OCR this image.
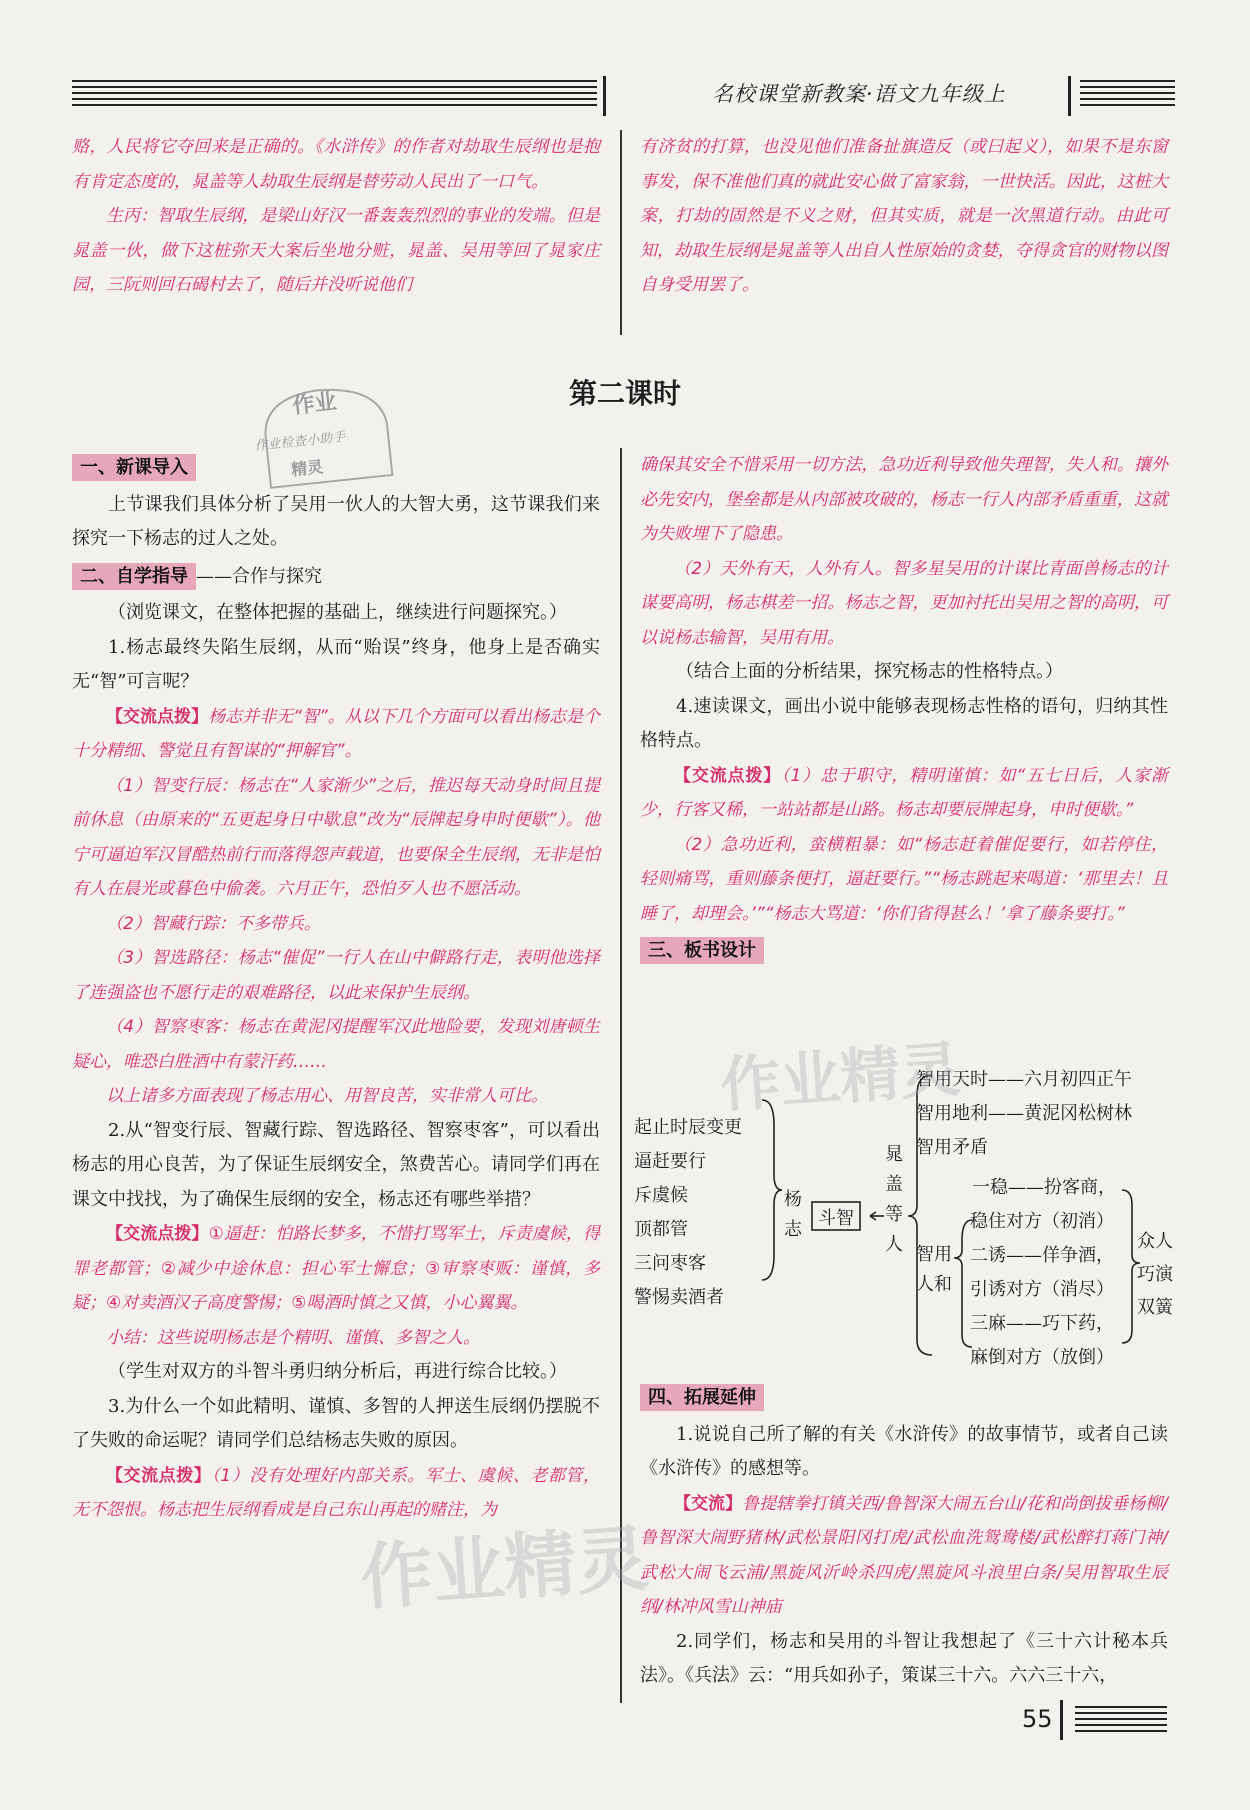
名校课堂新教案·语文九年级上

赂，人民将它夺回来是正确的。《水浒传》的作者对劫取生辰纲也是抱有肯定态度的，晁盖等人劫取生辰纲是替劳动人民出了一口气。

生丙：智取生辰纲，是梁山好汉一番轰轰烈烈的事业的发端。但是晁盖一伙，做下这桩弥天大案后坐地分赃，晁盖、吴用等回了晁家庄园，三阮则回石碣村去了，随后并没听说他们

有济贫的打算，也没见他们准备扯旗造反（或曰起义），如果不是东窗事发，保不准他们真的就此安心做了富家翁，一世快活。因此，这桩大案，打劫的固然是不义之财，但其实质，就是一次黑道行动。由此可知，劫取生辰纲是晁盖等人出自人性原始的贪婪，夺得贪官的财物以图自身受用罢了。

第二课时
作业
作业检查小助手
精灵
一、新课导入

上节课我们具体分析了吴用一伙人的大智大勇，这节课我们来探究一下杨志的过人之处。

二、自学指导 ——合作与探究

（浏览课文，在整体把握的基础上，继续进行问题探究。）

1.杨志最终失陷生辰纲，从而“贻误”终身，他身上是否确实无“智”可言呢？

【交流点拨】杨志并非无“智”。从以下几个方面可以看出杨志是个十分精细、警觉且有智谋的“押解官”。

（1）智变行辰：杨志在“人家渐少”之后，推迟每天动身时间且提前休息（由原来的“五更起身日中歇息”改为“辰牌起身申时便歇”）。他宁可逼迫军汉冒酷热前行而落得怨声载道，也要保全生辰纲，无非是怕有人在晨光或暮色中偷袭。六月正午，恐怕歹人也不愿活动。

（2）智藏行踪：不多带兵。

（3）智选路径：杨志“催促”一行人在山中僻路行走，表明他选择了连强盗也不愿行走的艰难路径，以此来保护生辰纲。

（4）智察枣客：杨志在黄泥冈提醒军汉此地险要，发现刘唐顿生疑心，唯恐白胜酒中有蒙汗药……

以上诸多方面表现了杨志用心、用智良苦，实非常人可比。

2.从“智变行辰、智藏行踪、智选路径、智察枣客”，可以看出杨志的用心良苦，为了保证生辰纲安全，煞费苦心。请同学们再在课文中找找，为了确保生辰纲的安全，杨志还有哪些举措？

【交流点拨】①逼赶：怕路长梦多，不惜打骂军士，斥责虞候，得罪老都管；②减少中途休息：担心军士懈怠；③审察枣贩：谨慎，多疑；④对卖酒汉子高度警惕；⑤喝酒时慎之又慎，小心翼翼。

小结：这些说明杨志是个精明、谨慎、多智之人。

（学生对双方的斗智斗勇归纳分析后，再进行综合比较。）

3.为什么一个如此精明、谨慎、多智的人押送生辰纲仍摆脱不了失败的命运呢？请同学们总结杨志失败的原因。

【交流点拨】（1）没有处理好内部关系。军士、虞候、老都管，无不怨恨。杨志把生辰纲看成是自己东山再起的赌注，为

确保其安全不惜采用一切方法，急功近利导致他失理智，失人和。攘外必先安内，堡垒都是从内部被攻破的，杨志一行人内部矛盾重重，这就为失败埋下了隐患。

（2）天外有天，人外有人。智多星吴用的计谋比青面兽杨志的计谋要高明，杨志棋差一招。杨志之智，更加衬托出吴用之智的高明，可以说杨志输智，吴用有用。

（结合上面的分析结果，探究杨志的性格特点。）

4.速读课文，画出小说中能够表现杨志性格的语句，归纳其性格特点。

【交流点拨】（1）忠于职守，精明谨慎：如“五七日后，人家渐少，行客又稀，一站站都是山路。杨志却要辰牌起身，申时便歇。”

（2）急功近利，蛮横粗暴：如“杨志赶着催促要行，如若停住，轻则痛骂，重则藤条便打，逼赶要行。”“杨志跳起来喝道：‘那里去！且睡了，却理会。’”“杨志大骂道：‘你们省得甚么！’拿了藤条要打。”

三、板书设计
起止时辰变更
逼赶要行
斥虞候
顶都管
三问枣客
警惕卖酒者
杨志
斗智
晁盖等人
智用天时——六月初四正午
智用地利——黄泥冈松树林
智用矛盾
智用人和
一稳——扮客商，
稳住对方（初消）
二诱——佯争酒，
引诱对方（消尽）
三麻——巧下药，
麻倒对方（放倒）
众人
巧演
双簧
四、拓展延伸

1.说说自己所了解的有关《水浒传》的故事情节，或者自己读《水浒传》的感想等。

【交流】鲁提辖拳打镇关西/鲁智深大闹五台山/花和尚倒拔垂杨柳/鲁智深大闹野猪林/武松景阳冈打虎/武松血洗鸳鸯楼/武松醉打蒋门神/武松大闹飞云浦/黑旋风沂岭杀四虎/黑旋风斗浪里白条/吴用智取生辰纲/林冲风雪山神庙

2.同学们，杨志和吴用的斗智让我想起了《三十六计秘本兵法》。《兵法》云：“用兵如孙子，策谋三十六。六六三十六，

作业精灵
作业精灵
55
